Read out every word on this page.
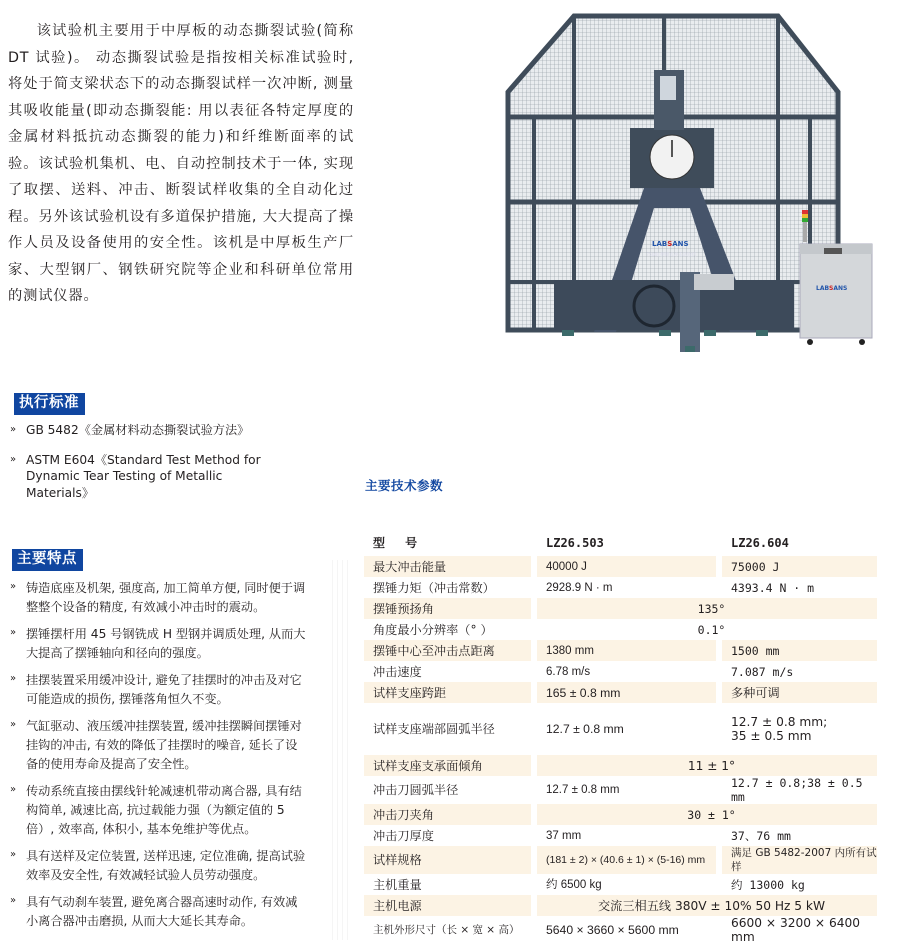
该试验机主要用于中厚板的动态撕裂试验(简称 DT 试验)。 动态撕裂试验是指按相关标准试验时, 将处于简支梁状态下的动态撕裂试样一次冲断, 测量其吸收能量(即动态撕裂能: 用以表征各特定厚度的金属材料抵抗动态撕裂的能力)和纤维断面率的试验。该试验机集机、电、自动控制技术于一体, 实现了取摆、送料、冲击、断裂试样收集的全自动化过程。另外该试验机设有多道保护措施, 大大提高了操作人员及设备使用的安全性。该机是中厚板生产厂家、大型钢厂、钢铁研究院等企业和科研单位常用的测试仪器。

LABSANS
7500J 摆锤式冲击试验机
LABSANS
执行标准
» GB 5482《金属材料动态撕裂试验方法》
» ASTM E604《Standard Test Method for Dynamic Tear Testing of Metallic Materials》
主要特点
» 铸造底座及机架, 强度高, 加工简单方便, 同时便于调整整个设备的精度, 有效减小冲击时的震动。
» 摆锤摆杆用 45 号钢铣成 H 型钢并调质处理, 从而大大提高了摆锤轴向和径向的强度。
» 挂摆装置采用缓冲设计, 避免了挂摆时的冲击及对它可能造成的损伤, 摆锤落角恒久不变。
» 气缸驱动、液压缓冲挂摆装置, 缓冲挂摆瞬间摆锤对挂钩的冲击, 有效的降低了挂摆时的噪音, 延长了设备的使用寿命及提高了安全性。
» 传动系统直接由摆线针轮减速机带动离合器, 具有结构简单, 减速比高, 抗过载能力强（为额定值的 5 倍）, 效率高, 体积小, 基本免维护等优点。
» 具有送样及定位装置, 送样迅速, 定位准确, 提高试验效率及安全性, 有效减轻试验人员劳动强度。
» 具有气动刹车装置, 避免离合器高速时动作, 有效减小离合器冲击磨损, 从而大大延长其寿命。
主要技术参数
型 号	LZ26.503	LZ26.604
最大冲击能量	40000 J	75000 J
摆锤力矩（冲击常数）	2928.9 N · m	4393.4 N · m
摆锤预扬角	135°	
角度最小分辨率（° ）	0.1°	
摆锤中心至冲击点距离	1380 mm	1500 mm
冲击速度	6.78 m/s	7.087 m/s
试样支座跨距	165 ± 0.8 mm	多种可调
试样支座端部圆弧半径	12.7 ± 0.8 mm	12.7 ± 0.8 mm;
35 ± 0.5 mm

试样支座支承面倾角	11 ± 1°	
冲击刀圆弧半径	12.7 ± 0.8 mm	12.7 ± 0.8;38 ± 0.5 mm
冲击刀夹角	30 ± 1°	
冲击刀厚度	37 mm	37、76 mm
试样规格	(181 ± 2) × (40.6 ± 1) × (5-16) mm	满足 GB 5482-2007 内所有试样
主机重量	约 6500 kg	约 13000 kg
主机电源	交流三相五线 380V ± 10% 50 Hz 5 kW	
主机外形尺寸（长 × 宽 × 高）	5640 × 3660 × 5600 mm	6600 × 3200 × 6400 mm
